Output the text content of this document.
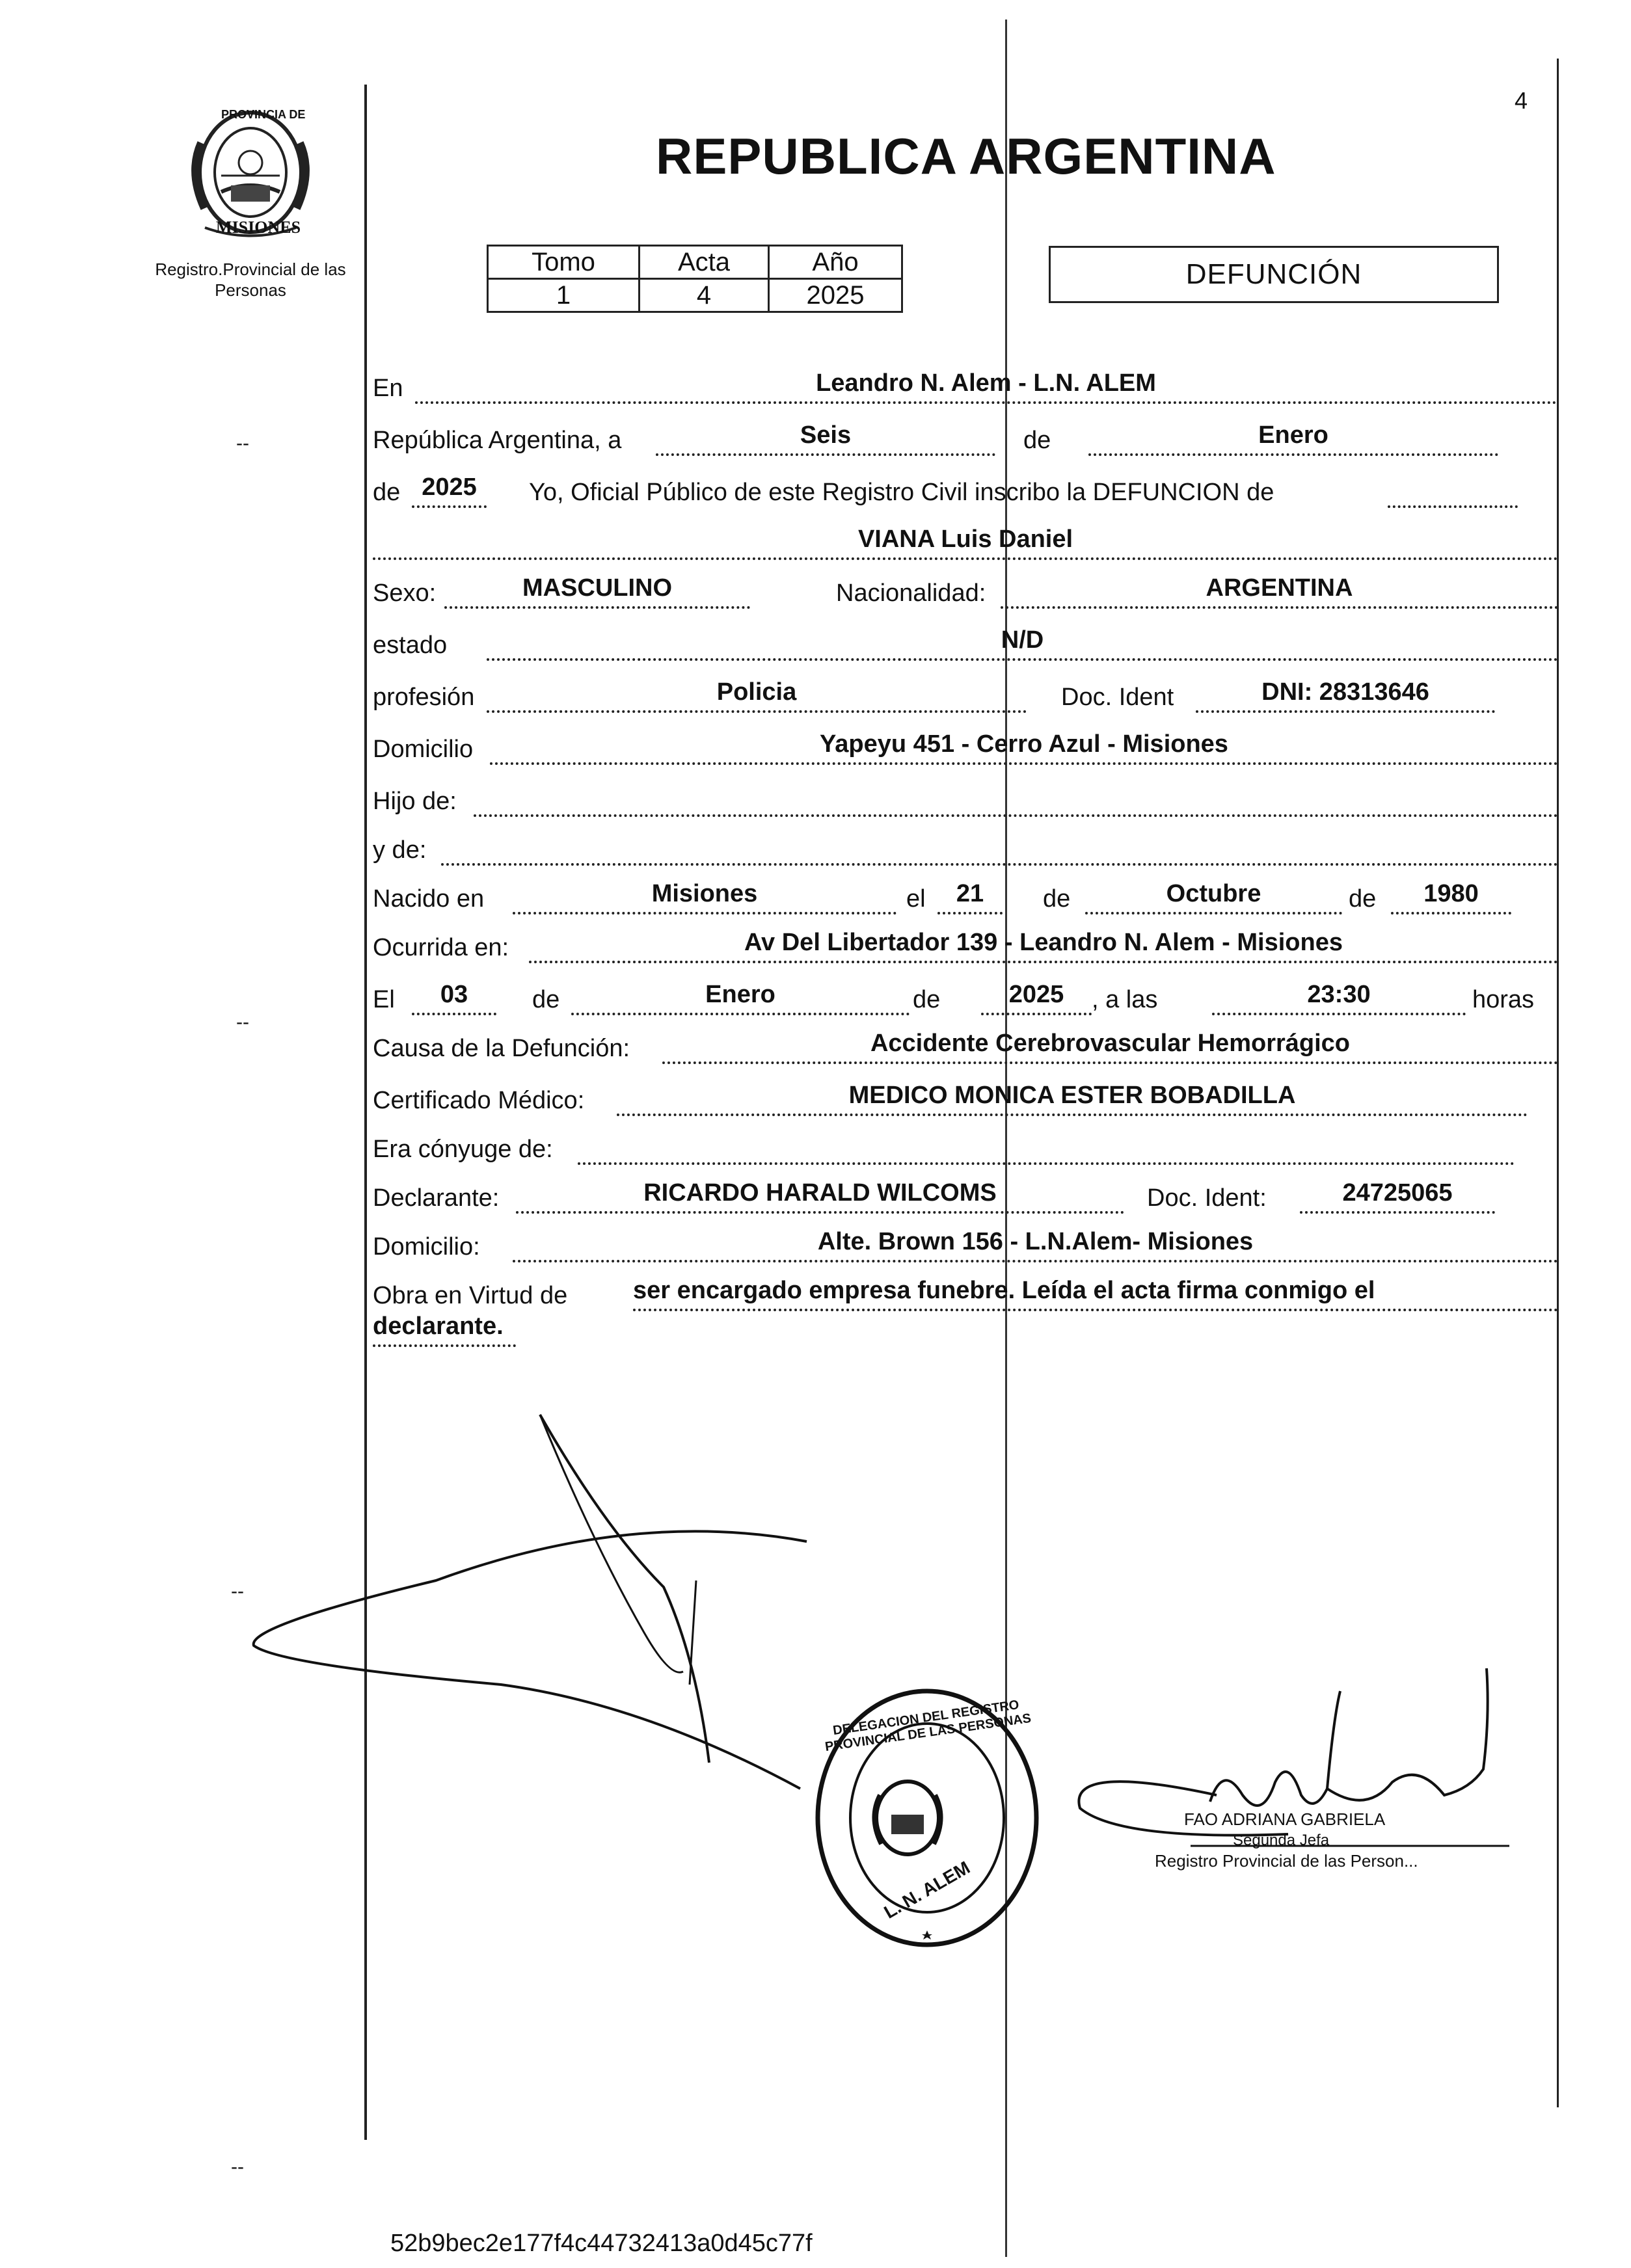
4
PROVINCIA DE
MISIONES
Registro.Provincial de las Personas
REPUBLICA ARGENTINA
Tomo	Acta	Año
1	4	2025
DEFUNCIÓN
En	Leandro N. Alem - L.N. ALEM
República Argentina, a	Seis	de	Enero
de 2025	Yo, Oficial Público de este Registro Civil inscribo la DEFUNCION de
VIANA Luis Daniel
Sexo:	MASCULINO	Nacionalidad:	ARGENTINA
estado	N/D
profesión	Policia	Doc. Ident	DNI: 28313646
Domicilio	Yapeyu 451 - Cerro Azul - Misiones
Hijo de:
y de:
Nacido en	Misiones	el	21	de	Octubre	de	1980
Ocurrida en:	Av Del Libertador 139 - Leandro N. Alem - Misiones
El	03	de	Enero	de	2025	, a las	23:30	horas
Causa de la Defunción:	Accidente Cerebrovascular Hemorrágico
Certificado Médico:	MEDICO MONICA ESTER BOBADILLA
Era cónyuge de:
Declarante:	RICARDO HARALD WILCOMS	Doc. Ident:	24725065
Domicilio:	Alte. Brown 156 - L.N.Alem- Misiones
Obra en Virtud de	ser encargado empresa funebre. Leída el acta firma conmigo el
declarante.
DELEGACION DEL REGISTRO PROVINCIAL DE LAS PERSONAS
L. N. ALEM
FAO ADRIANA GABRIELA
Segunda Jefa
Registro Provincial de las Person...
--
--
--
--
52b9bec2e177f4c44732413a0d45c77f
